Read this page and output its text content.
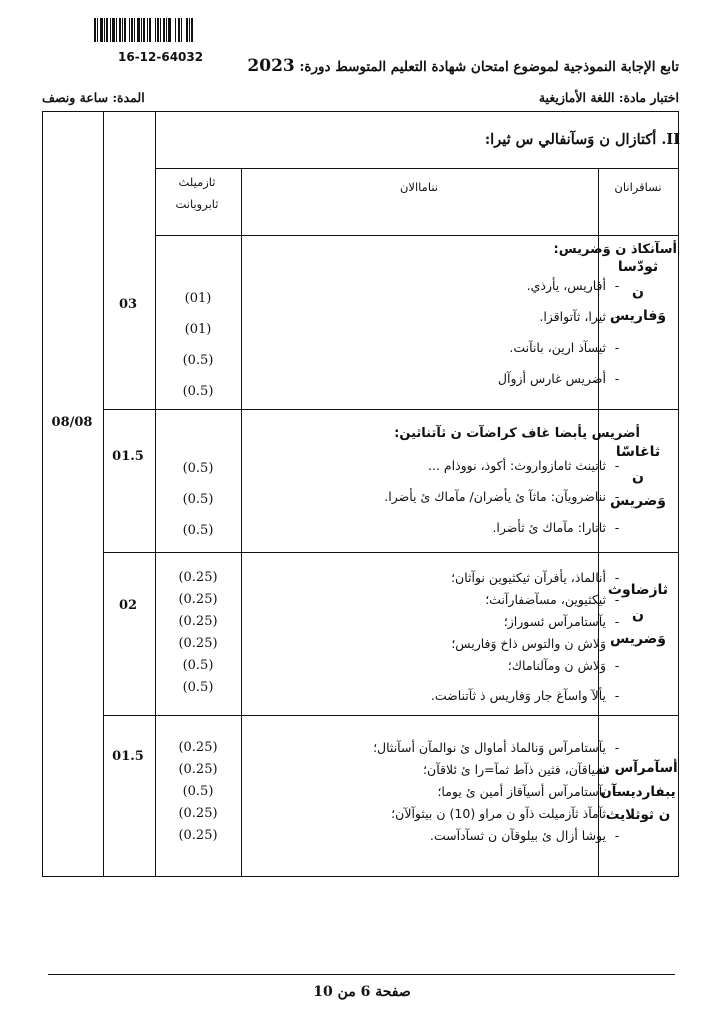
16-12-64032
تابع الإجابة النموذجية لموضوع امتحان شهادة التعليم المتوسط دورة: 2023
اختبار مادة: اللغة الأمازيغية
المدة: ساعة ونصف
II. أكتازال ن وَسآنفالي س ثيرا:
نساقرانان
نناماالان
ثازميلث
ثابروبانت
08/08
ثودّسا
ن
وَفاريس
أسآنكاذ ن وَضريس:
- أفاريس، يأرذي.
- ثيرا، ثآتواقزا.
- ثيسآذ ارين، بانآنت.
- أضريس غارس أزوآل
(01)
(01)
(0.5)
(0.5)
03
ثاغاسّا
ن
وَضريس
أضريس يأبضا غاف كراضآت ن ثآتناثين:
- ثاتينث ثامازواروث: أكوذ، نووذام ...
- نناضرويآن: ماثآ ئ يأضران/ مآماك ئ يأضرا.
- ثاتارا: مآماك ئ ثأضرا.
(0.5)
(0.5)
(0.5)
01.5
ثازضاوث
ن
وَضريس
- أنالماذ، يأفرآن ثيكثيوين نوآثان؛
- ثيكثيوين، مسآضفارآنث؛
- يآستامرآس ئسوراز؛
- وَلاش ن والتوس ذاخ وَفاريس؛
- وَلاش ن ومآلناماك؛
- يألآ واسآغ جار وَفاريس ذ ثآتناضت.
(0.25)
(0.25)
(0.25)
(0.25)
(0.5)
(0.5)
02
أسآمرآس ن
يبفاردیسآن
ن ثوثلايث
- يآستامرآس وَنالماذ أماوال ئ نوالمآن أسآنثال؛
- نمياقآن، فثين ذآط ثمآ=را ئ ئلاقآن؛
- يآستامرآس أسيآقاز أمين ئ يوما؛
- ثآمآذ ثآزميلت ذآو ن مراو (10) ن بيثوآلآن؛
- يوشا أزال ئ بيلوقآن ن ثسآدآست.
(0.25)
(0.25)
(0.5)
(0.25)
(0.25)
01.5
صفحة 6 من 10
